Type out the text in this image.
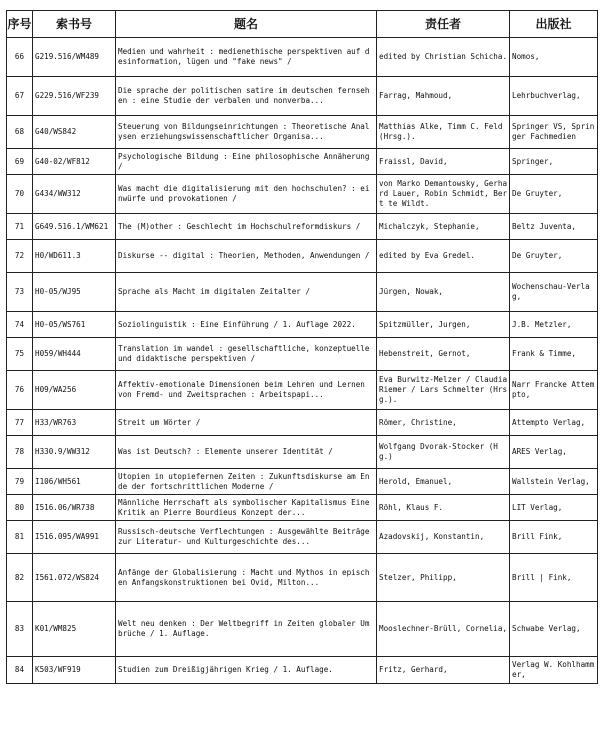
序号	索书号	题名	责任者	出版社

66	G219.516/WM489	Medien und wahrheit : medienethische perspektiven auf desinformation, lügen und "fake news" /	edited by Christian Schicha.	Nomos,

67	G229.516/WF239	Die sprache der politischen satire im deutschen fernsehen : eine Studie der verbalen und nonverba...	Farrag, Mahmoud,	Lehrbuchverlag,

68	G40/WS842	Steuerung von Bildungseinrichtungen : Theoretische Analysen erziehungswissenschaftlicher Organisa...	Matthias Alke, Timm C. Feld (Hrsg.).	Springer VS, Springer Fachmedien

69	G40-02/WF812	Psychologische Bildung : Eine philosophische Annäherung /	Fraissl, David,	Springer,

70	G434/WW312	Was macht die digitalisierung mit den hochschulen? : einwürfe und provokationen /	von Marko Demantowsky, Gerhard Lauer, Robin Schmidt, Bert te Wildt.	De Gruyter,

71	G649.516.1/WM621	The (M)other : Geschlecht im Hochschulreformdiskurs /	Michalczyk, Stephanie,	Beltz Juventa,

72	H0/WD611.3	Diskurse -- digital : Theorien, Methoden, Anwendungen /	edited by Eva Gredel.	De Gruyter,

73	H0-05/WJ95	Sprache als Macht im digitalen Zeitalter /	Jürgen, Nowak,	Wochenschau-Verlag,

74	H0-05/WS761	Soziolinguistik : Eine Einführung / 1. Auflage 2022.	Spitzmüller, Jurgen,	J.B. Metzler,

75	H059/WH444	Translation im wandel : gesellschaftliche, konzeptuelle und didaktische perspektiven /	Hebenstreit, Gernot,	Frank & Timme,

76	H09/WA256	Affektiv-emotionale Dimensionen beim Lehren und Lernen von Fremd- und Zweitsprachen : Arbeitspapi...	Eva Burwitz-Melzer / Claudia Riemer / Lars Schmelter (Hrsg.).	Narr Francke Attempto,

77	H33/WR763	Streit um Wörter /	Römer, Christine,	Attempto Verlag,

78	H330.9/WW312	Was ist Deutsch? : Elemente unserer Identität /	Wolfgang Dvorak-Stocker (Hg.)	ARES Verlag,

79	I106/WH561	Utopien in utopiefernen Zeiten : Zukunftsdiskurse am Ende der fortschrittlichen Moderne /	Herold, Emanuel,	Wallstein Verlag,

80	I516.06/WR738	Männliche Herrschaft als symbolischer Kapitalismus Eine Kritik an Pierre Bourdieus Konzept der...	Röhl, Klaus F.	LIT Verlag,

81	I516.095/WA991	Russisch-deutsche Verflechtungen : Ausgewählte Beiträge zur Literatur- und Kulturgeschichte des...	Azadovskij, Konstantin,	Brill Fink,

82	I561.072/WS824	Anfänge der Globalisierung : Macht und Mythos in epischen Anfangskonstruktionen bei Ovid, Milton...	Stelzer, Philipp,	Brill | Fink,

83	K01/WM825	Welt neu denken : Der Weltbegriff in Zeiten globaler Umbrüche / 1. Auflage.	Mooslechner-Brüll, Cornelia,	Schwabe Verlag,

84	K503/WF919	Studien zum Dreißigjährigen Krieg / 1. Auflage.	Fritz, Gerhard,	Verlag W. Kohlhammer,
